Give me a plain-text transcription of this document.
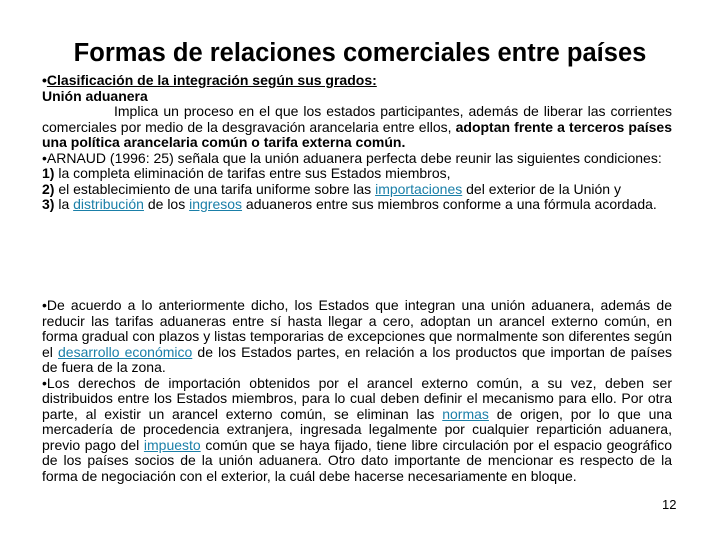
Formas de relaciones comerciales entre países

•Clasificación de la integración según sus grados:

Unión aduanera

Implica un proceso en el que los estados participantes, además de liberar las corrientes comerciales por medio de la desgravación arancelaria entre ellos, adoptan frente a terceros países una política arancelaria común o tarifa externa común.

•ARNAUD (1996: 25) señala que la unión aduanera perfecta debe reunir las siguientes condiciones:

1) la completa eliminación de tarifas entre sus Estados miembros,

2) el establecimiento de una tarifa uniforme sobre las importaciones del exterior de la Unión y

3) la distribución de los ingresos aduaneros entre sus miembros conforme a una fórmula acordada.

•De acuerdo a lo anteriormente dicho, los Estados que integran una unión aduanera, además de reducir las tarifas aduaneras entre sí hasta llegar a cero, adoptan un arancel externo común, en forma gradual con plazos y listas temporarias de excepciones que normalmente son diferentes según el desarrollo económico de los Estados partes, en relación a los productos que importan de países de fuera de la zona.

•Los derechos de importación obtenidos por el arancel externo común, a su vez, deben ser distribuidos entre los Estados miembros, para lo cual deben definir el mecanismo para ello. Por otra parte, al existir un arancel externo común, se eliminan las normas de origen, por lo que una mercadería de procedencia extranjera, ingresada legalmente por cualquier repartición aduanera, previo pago del impuesto común que se haya fijado, tiene libre circulación por el espacio geográfico de los países socios de la unión aduanera. Otro dato importante de mencionar es respecto de la forma de negociación con el exterior, la cuál debe hacerse necesariamente en bloque.

12
